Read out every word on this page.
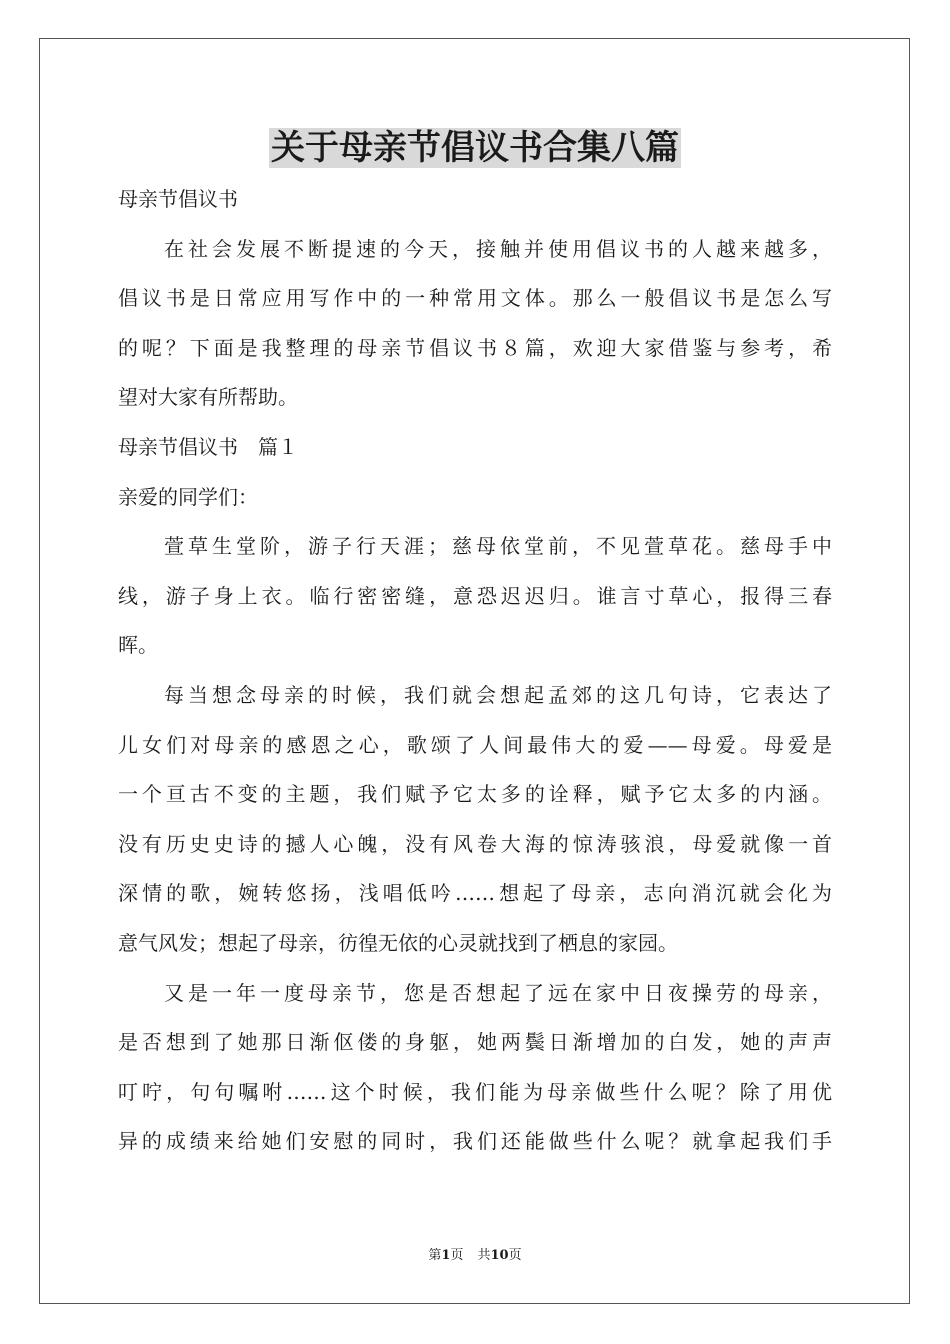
关于母亲节倡议书合集八篇
母亲节倡议书
在社会发展不断提速的今天，接触并使用倡议书的人越来越多，
倡议书是日常应用写作中的一种常用文体。那么一般倡议书是怎么写
的呢？下面是我整理的母亲节倡议书８篇，欢迎大家借鉴与参考，希
望对大家有所帮助。
母亲节倡议书　篇１
亲爱的同学们：
萱草生堂阶，游子行天涯；慈母依堂前，不见萱草花。慈母手中
线，游子身上衣。临行密密缝，意恐迟迟归。谁言寸草心，报得三春
晖。
每当想念母亲的时候，我们就会想起孟郊的这几句诗，它表达了
儿女们对母亲的感恩之心，歌颂了人间最伟大的爱——母爱。母爱是
一个亘古不变的主题，我们赋予它太多的诠释，赋予它太多的内涵。
没有历史史诗的撼人心魄，没有风卷大海的惊涛骇浪，母爱就像一首
深情的歌，婉转悠扬，浅唱低吟……想起了母亲，志向消沉就会化为
意气风发；想起了母亲，彷徨无依的心灵就找到了栖息的家园。
又是一年一度母亲节，您是否想起了远在家中日夜操劳的母亲，
是否想到了她那日渐伛偻的身躯，她两鬓日渐增加的白发，她的声声
叮咛，句句嘱咐……这个时候，我们能为母亲做些什么呢？除了用优
异的成绩来给她们安慰的同时，我们还能做些什么呢？就拿起我们手
第1页 共10页
